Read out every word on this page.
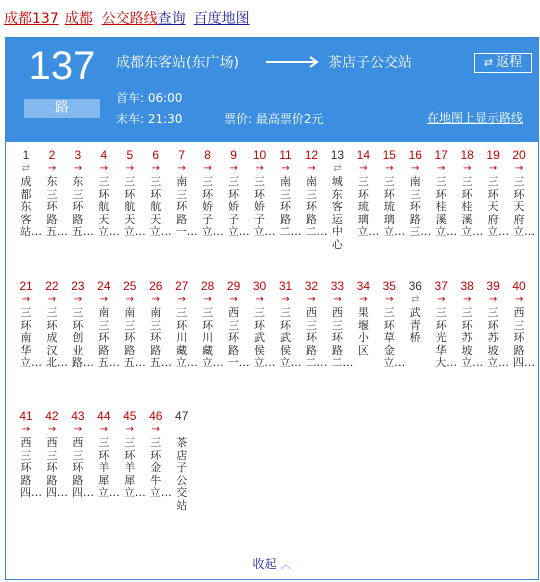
成都137 成都 公交路线查询 百度地图
137
路
成都东客站(东广场)	茶店子公交站	⇄ 返程
首车: 06:00
末车: 21:30	票价: 最高票价2元	在地图上显示路线
1
⇄
成都东客站…
2
→
东三环路五…
3
→
东三环路五…
4
→
三环航天立…
5
→
三环航天立…
6
→
三环航天立…
7
→
南三环路一…
8
→
三环娇子立…
9
→
三环娇子立…
10
→
三环娇子立…
11
→
南三环路二…
12
→
南三环路二…
13
⇄
城东客运中心
14
→
三环琉璃立…
15
→
三环琉璃立…
16
→
南三环路三…
17
→
三环桂溪立…
18
→
三环桂溪立…
19
→
三环天府立…
20
→
三环天府立…
21
→
三环南华立…
22
→
三环成汉北…
23
→
三环创业路…
24
→
南三环路五…
25
→
南三环路五…
26
→
南三环路五…
27
→
三环川藏立…
28
→
三环川藏立…
29
→
西三环路一…
30
→
三环武侯立…
31
→
三环武侯立…
32
→
西三环路二…
33
→
西三环路二…
34
→
果堰小区
35
→
三环草金立…
36
⇄
武青桥
37
→
三环光华大…
38
→
三环苏坡立…
39
→
三环苏坡立…
40
→
西三环路四…
41
→
西三环路四…
42
→
西三环路四…
43
→
西三环路四…
44
→
三环羊犀立…
45
→
三环羊犀立…
46
→
三环金牛立…
47
茶店子公交站
收起 ︿
